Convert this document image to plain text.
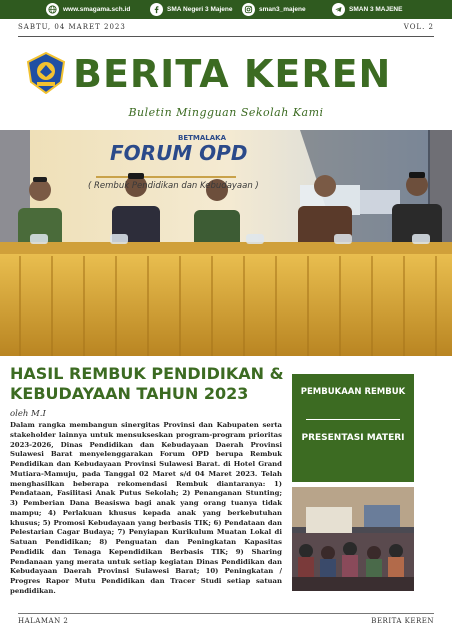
www.smagama.sch.id	SMA Negeri 3 Majene	sman3_majene	SMAN 3 MAJENE
SABTU, 04 MARET 2023	VOL. 2
BERITA KEREN
Buletin Mingguan Sekolah Kami
BETMALAKA
FORUM OPD
( Rembuk Pendidikan dan Kebudayaan )
HASIL REMBUK PENDIDIKAN & KEBUDAYAAN TAHUN 2023
oleh M.I
Dalam rangka membangun sinergitas Provinsi dan Kabupaten serta stakeholder lainnya untuk mensukseskan program-program prioritas 2023-2026, Dinas Pendidikan dan Kebudayaan Daerah Provinsi Sulawesi Barat menyelenggarakan Forum OPD berupa Rembuk Pendidikan dan Kebudayaan Provinsi Sulawesi Barat. di Hotel Grand Mutiara-Mamuju, pada Tanggal 02 Maret s/d 04 Maret 2023. Telah menghasilkan beberapa rekomendasi Rembuk diantaranya: 1) Pendataan, Fasilitasi Anak Putus Sekolah; 2) Penanganan Stunting; 3) Pemberian Dana Beasiswa bagi anak yang orang tuanya tidak mampu; 4) Perlakuan khusus kepada anak yang berkebutuhan khusus; 5) Promosi Kebudayaan yang berbasis TIK; 6) Pendataan dan Pelestarian Cagar Budaya; 7) Penyiapan Kurikulum Muatan Lokal di Satuan Pendidikan; 8) Penguatan dan Peningkatan Kapasitas Pendidik dan Tenaga Kependidikan Berbasis TIK; 9) Sharing Pendanaan yang merata untuk setiap kegiatan Dinas Pendidikan dan Kebudayaan Daerah Provinsi Sulawesi Barat; 10) Peningkatan / Progres Rapor Mutu Pendidikan dan Tracer Studi setiap satuan pendidikan.
PEMBUKAAN REMBUK
PRESENTASI MATERI
HALAMAN 2	BERITA KEREN
